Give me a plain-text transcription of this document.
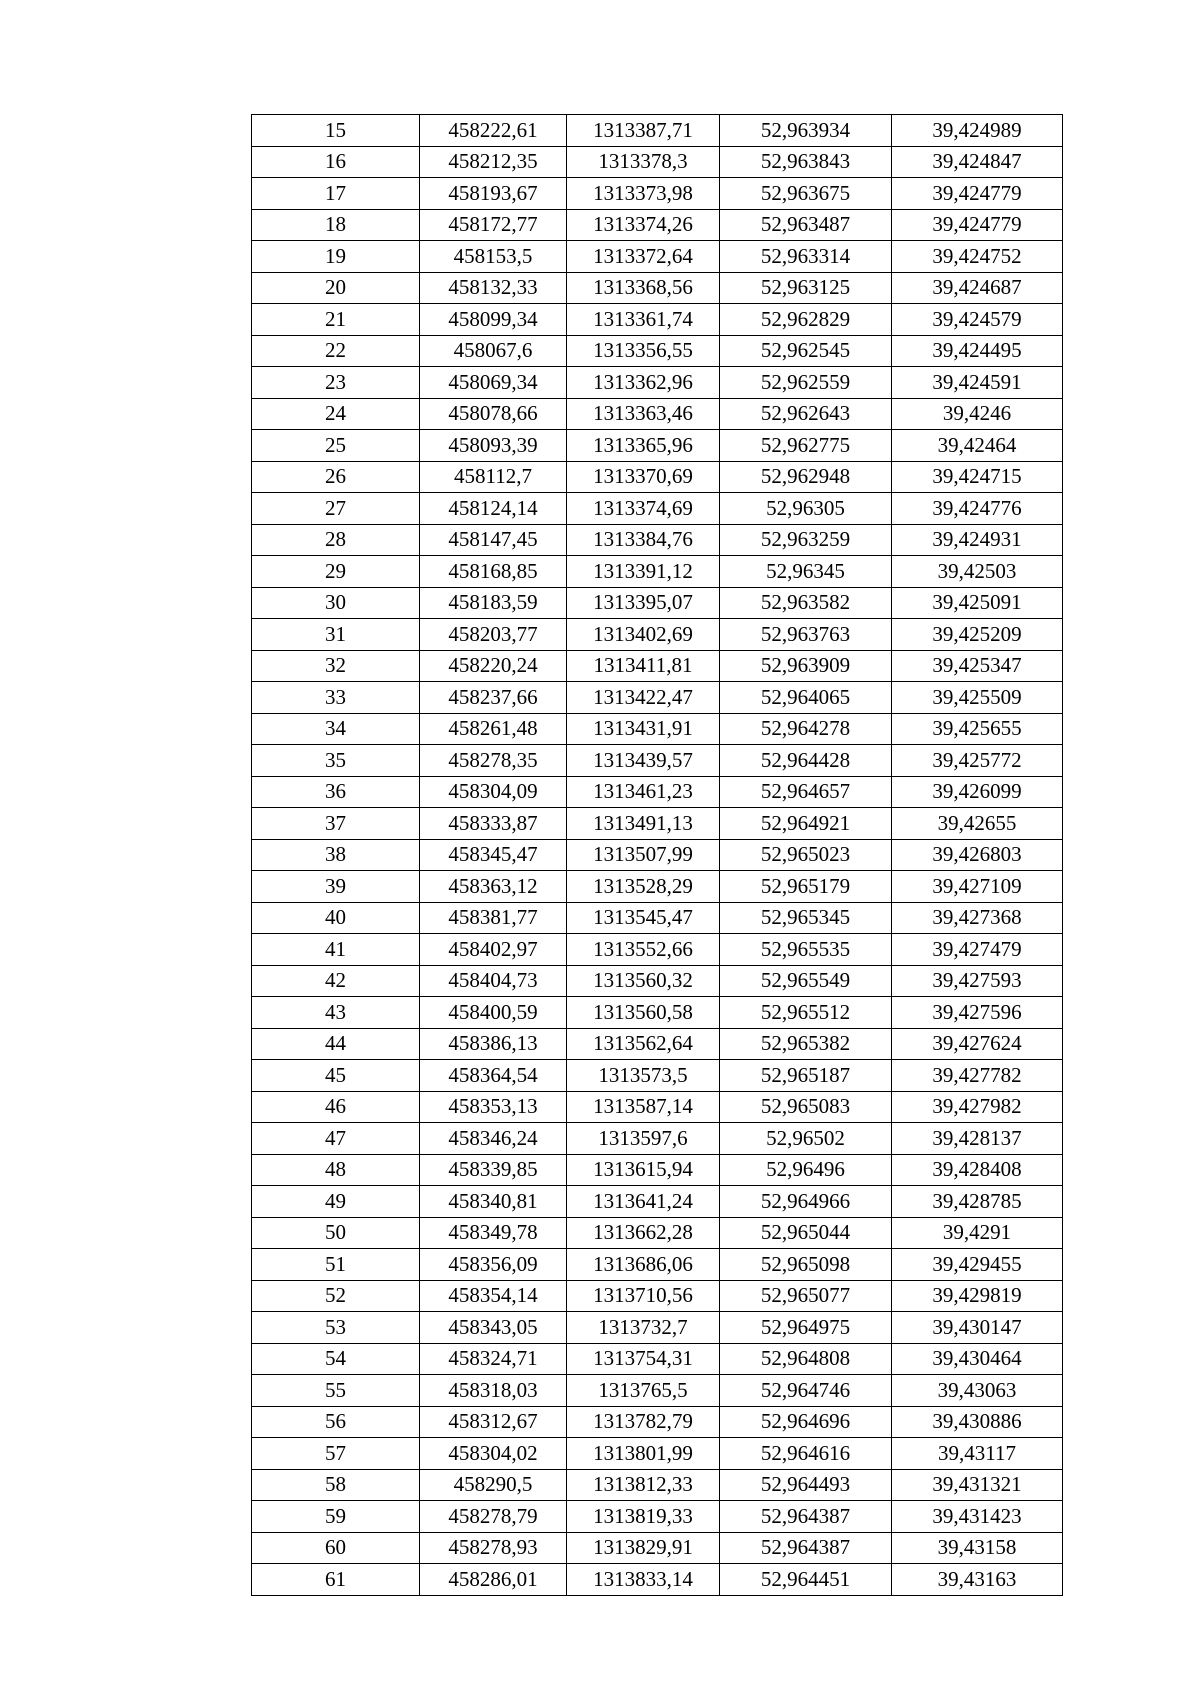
15	458222,61	1313387,71	52,963934	39,424989
16	458212,35	1313378,3	52,963843	39,424847
17	458193,67	1313373,98	52,963675	39,424779
18	458172,77	1313374,26	52,963487	39,424779
19	458153,5	1313372,64	52,963314	39,424752
20	458132,33	1313368,56	52,963125	39,424687
21	458099,34	1313361,74	52,962829	39,424579
22	458067,6	1313356,55	52,962545	39,424495
23	458069,34	1313362,96	52,962559	39,424591
24	458078,66	1313363,46	52,962643	39,4246
25	458093,39	1313365,96	52,962775	39,42464
26	458112,7	1313370,69	52,962948	39,424715
27	458124,14	1313374,69	52,96305	39,424776
28	458147,45	1313384,76	52,963259	39,424931
29	458168,85	1313391,12	52,96345	39,42503
30	458183,59	1313395,07	52,963582	39,425091
31	458203,77	1313402,69	52,963763	39,425209
32	458220,24	1313411,81	52,963909	39,425347
33	458237,66	1313422,47	52,964065	39,425509
34	458261,48	1313431,91	52,964278	39,425655
35	458278,35	1313439,57	52,964428	39,425772
36	458304,09	1313461,23	52,964657	39,426099
37	458333,87	1313491,13	52,964921	39,42655
38	458345,47	1313507,99	52,965023	39,426803
39	458363,12	1313528,29	52,965179	39,427109
40	458381,77	1313545,47	52,965345	39,427368
41	458402,97	1313552,66	52,965535	39,427479
42	458404,73	1313560,32	52,965549	39,427593
43	458400,59	1313560,58	52,965512	39,427596
44	458386,13	1313562,64	52,965382	39,427624
45	458364,54	1313573,5	52,965187	39,427782
46	458353,13	1313587,14	52,965083	39,427982
47	458346,24	1313597,6	52,96502	39,428137
48	458339,85	1313615,94	52,96496	39,428408
49	458340,81	1313641,24	52,964966	39,428785
50	458349,78	1313662,28	52,965044	39,4291
51	458356,09	1313686,06	52,965098	39,429455
52	458354,14	1313710,56	52,965077	39,429819
53	458343,05	1313732,7	52,964975	39,430147
54	458324,71	1313754,31	52,964808	39,430464
55	458318,03	1313765,5	52,964746	39,43063
56	458312,67	1313782,79	52,964696	39,430886
57	458304,02	1313801,99	52,964616	39,43117
58	458290,5	1313812,33	52,964493	39,431321
59	458278,79	1313819,33	52,964387	39,431423
60	458278,93	1313829,91	52,964387	39,43158
61	458286,01	1313833,14	52,964451	39,43163
